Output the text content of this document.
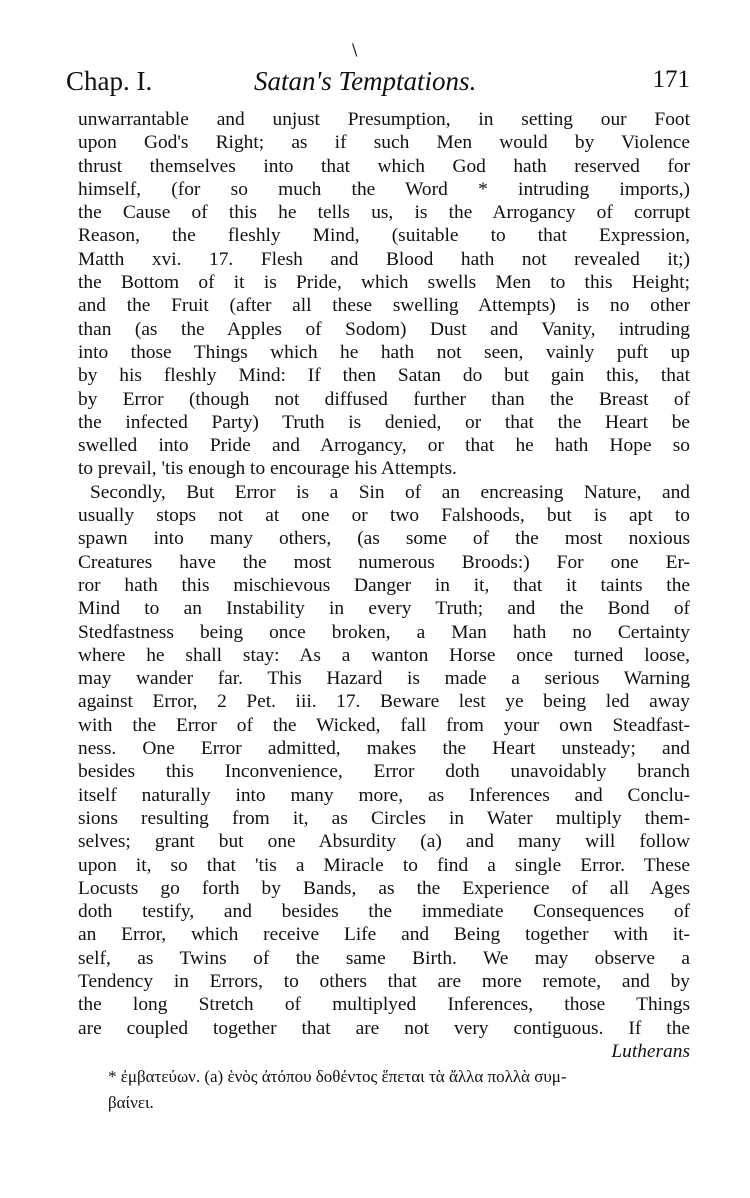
\
Chap. I.	Satan's Temptations.	171
unwarrantable and unjust Presumption, in setting our Foot
upon God's Right; as if such Men would by Violence
thrust themselves into that which God hath reserved for
himself, (for so much the Word * intruding imports,)
the Cause of this he tells us, is the Arrogancy of corrupt
Reason, the fleshly Mind, (suitable to that Expression,
Matth xvi. 17. Flesh and Blood hath not revealed it;)
the Bottom of it is Pride, which swells Men to this Height;
and the Fruit (after all these swelling Attempts) is no other
than (as the Apples of Sodom) Dust and Vanity, intruding
into those Things which he hath not seen, vainly puft up
by his fleshly Mind: If then Satan do but gain this, that
by Error (though not diffused further than the Breast of
the infected Party) Truth is denied, or that the Heart be
swelled into Pride and Arrogancy, or that he hath Hope so
to prevail, 'tis enough to encourage his Attempts.
Secondly, But Error is a Sin of an encreasing Nature, and
usually stops not at one or two Falshoods, but is apt to
spawn into many others, (as some of the most noxious
Creatures have the most numerous Broods:) For one Er-
ror hath this mischievous Danger in it, that it taints the
Mind to an Instability in every Truth; and the Bond of
Stedfastness being once broken, a Man hath no Certainty
where he shall stay: As a wanton Horse once turned loose,
may wander far. This Hazard is made a serious Warning
against Error, 2 Pet. iii. 17. Beware lest ye being led away
with the Error of the Wicked, fall from your own Steadfast-
ness. One Error admitted, makes the Heart unsteady; and
besides this Inconvenience, Error doth unavoidably branch
itself naturally into many more, as Inferences and Conclu-
sions resulting from it, as Circles in Water multiply them-
selves; grant but one Absurdity (a) and many will follow
upon it, so that 'tis a Miracle to find a single Error. These
Locusts go forth by Bands, as the Experience of all Ages
doth testify, and besides the immediate Consequences of
an Error, which receive Life and Being together with it-
self, as Twins of the same Birth. We may observe a
Tendency in Errors, to others that are more remote, and by
the long Stretch of multiplyed Inferences, those Things
are coupled together that are not very contiguous. If the
Lutherans
* ἐμβατεύων. (a) ἑνὸς ἀτόπου δοθέντος ἕπεται τὰ ἄλλα πολλὰ συμ-
βαίνει.
